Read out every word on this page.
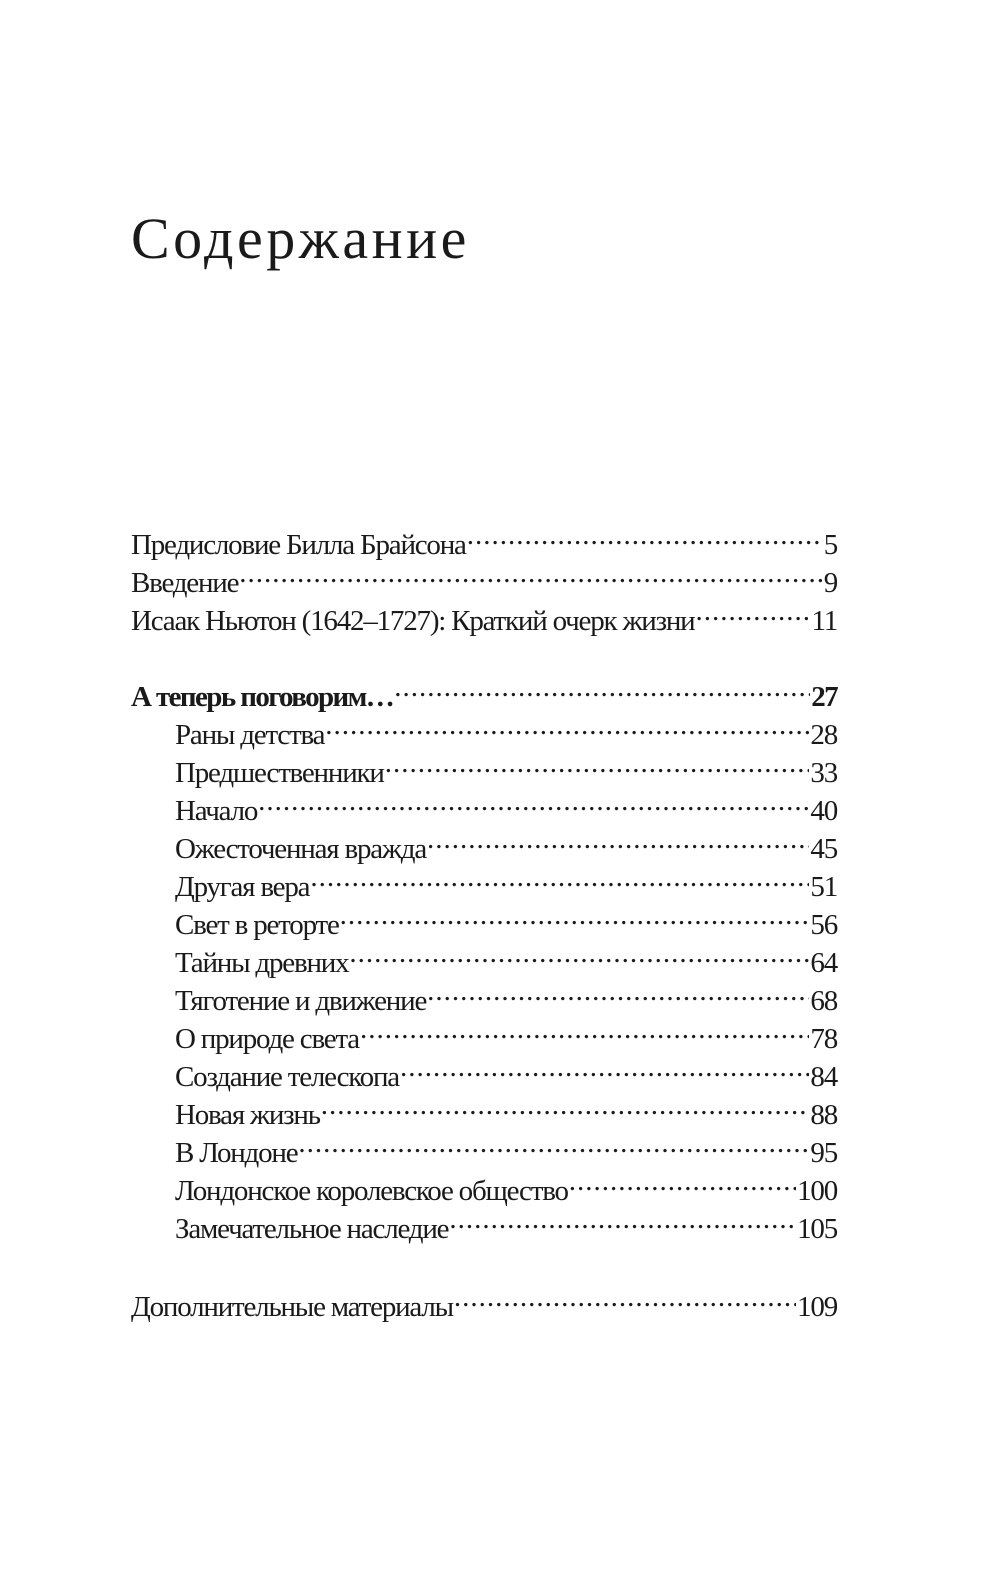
Содержание
Предисловие Билла Брайсона .....	5
Введение .....	9
Исаак Ньютон (1642–1727): Краткий очерк жизни .....	11
А теперь поговорим… .....	27
Раны детства .....	28
Предшественники .....	33
Начало .....	40
Ожесточенная вражда .....	45
Другая вера .....	51
Свет в реторте .....	56
Тайны древних .....	64
Тяготение и движение .....	68
О природе света .....	78
Создание телескопа .....	84
Новая жизнь .....	88
В Лондоне .....	95
Лондонское королевское общество .....	100
Замечательное наследие .....	105
Дополнительные материалы .....	109
